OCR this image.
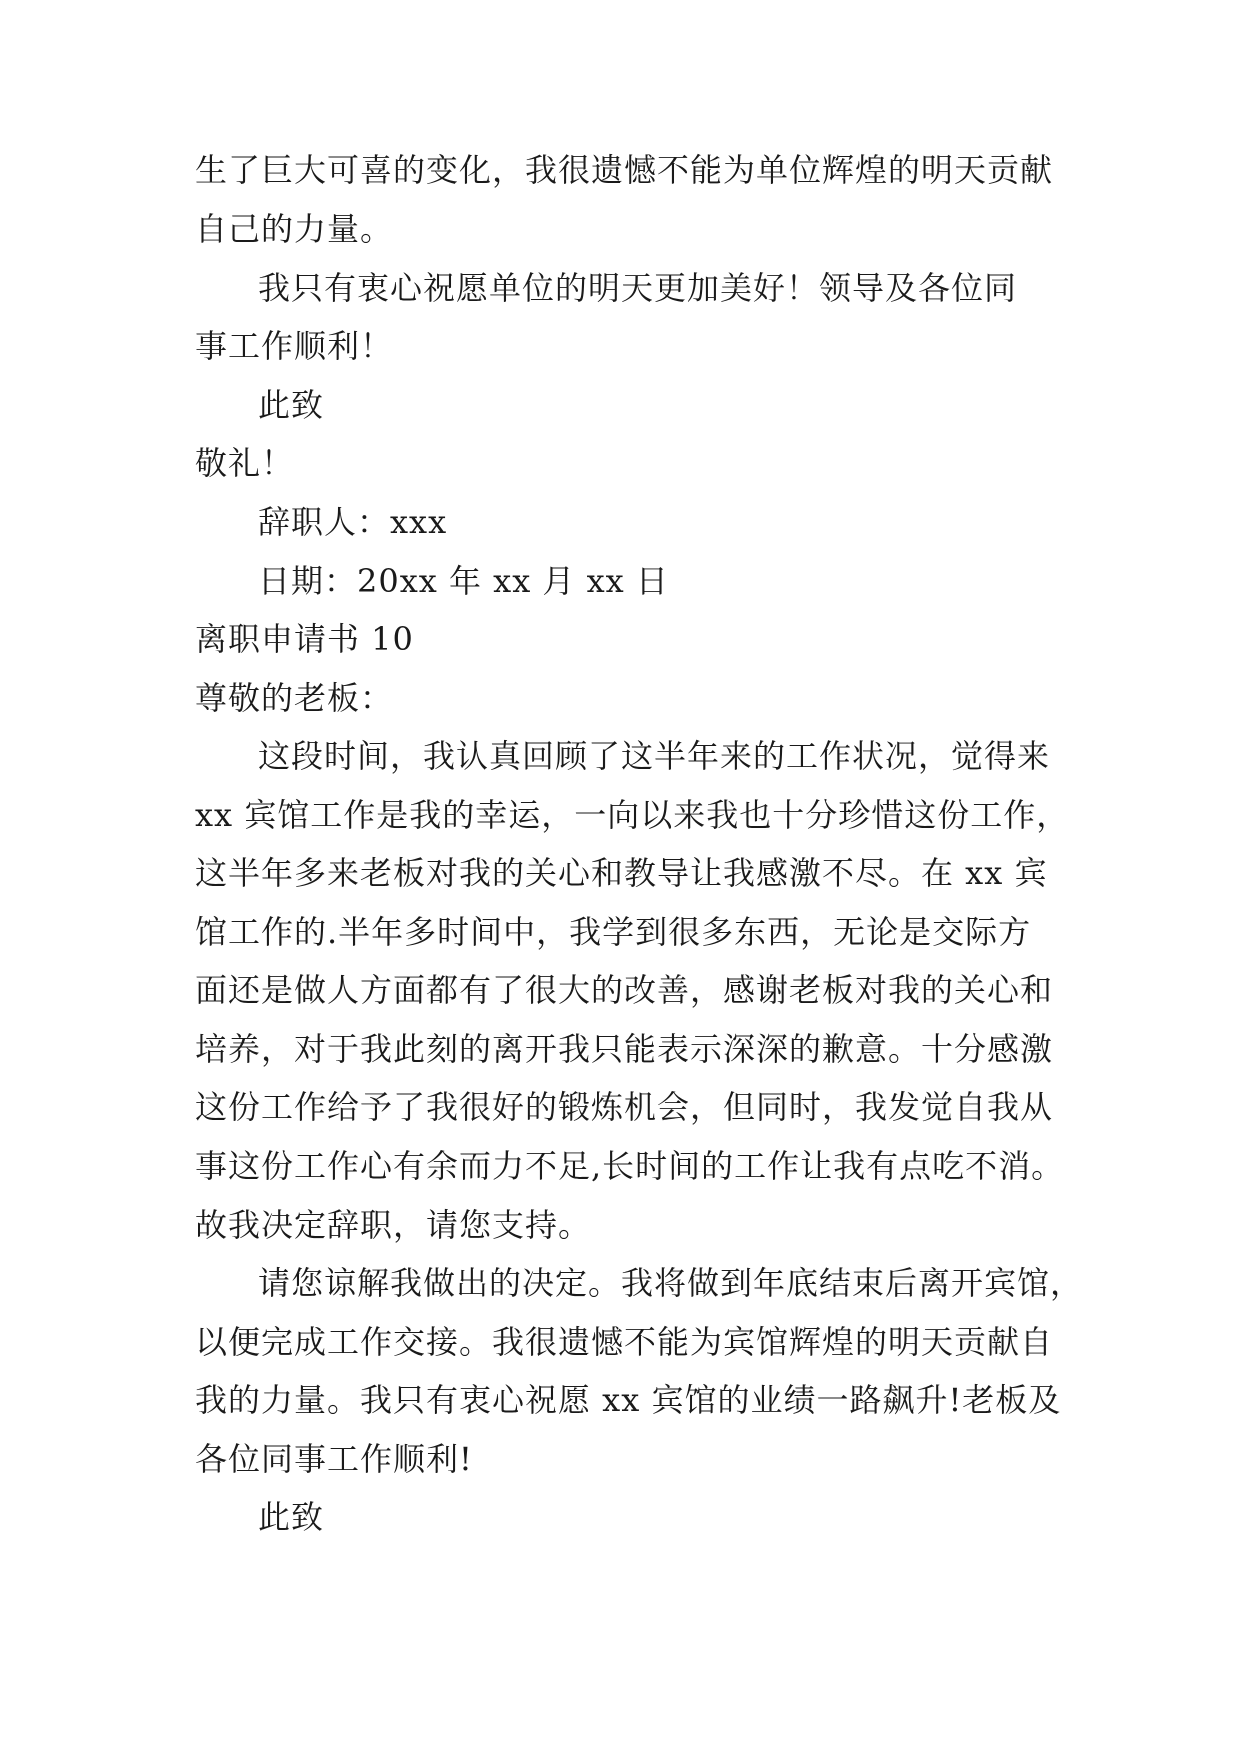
生了巨大可喜的变化，我很遗憾不能为单位辉煌的明天贡献

自己的力量。

我只有衷心祝愿单位的明天更加美好！领导及各位同

事工作顺利！

此致

敬礼！

辞职人：xxx

日期：20xx 年 xx 月 xx 日

离职申请书 10

尊敬的老板：

这段时间，我认真回顾了这半年来的工作状况，觉得来

xx 宾馆工作是我的幸运，一向以来我也十分珍惜这份工作，

这半年多来老板对我的关心和教导让我感激不尽。在 xx 宾

馆工作的.半年多时间中，我学到很多东西，无论是交际方

面还是做人方面都有了很大的改善，感谢老板对我的关心和

培养，对于我此刻的离开我只能表示深深的歉意。十分感激

这份工作给予了我很好的锻炼机会，但同时，我发觉自我从

事这份工作心有余而力不足,长时间的工作让我有点吃不消。

故我决定辞职，请您支持。

请您谅解我做出的决定。我将做到年底结束后离开宾馆，

以便完成工作交接。我很遗憾不能为宾馆辉煌的明天贡献自

我的力量。我只有衷心祝愿 xx 宾馆的业绩一路飙升!老板及

各位同事工作顺利!

此致
